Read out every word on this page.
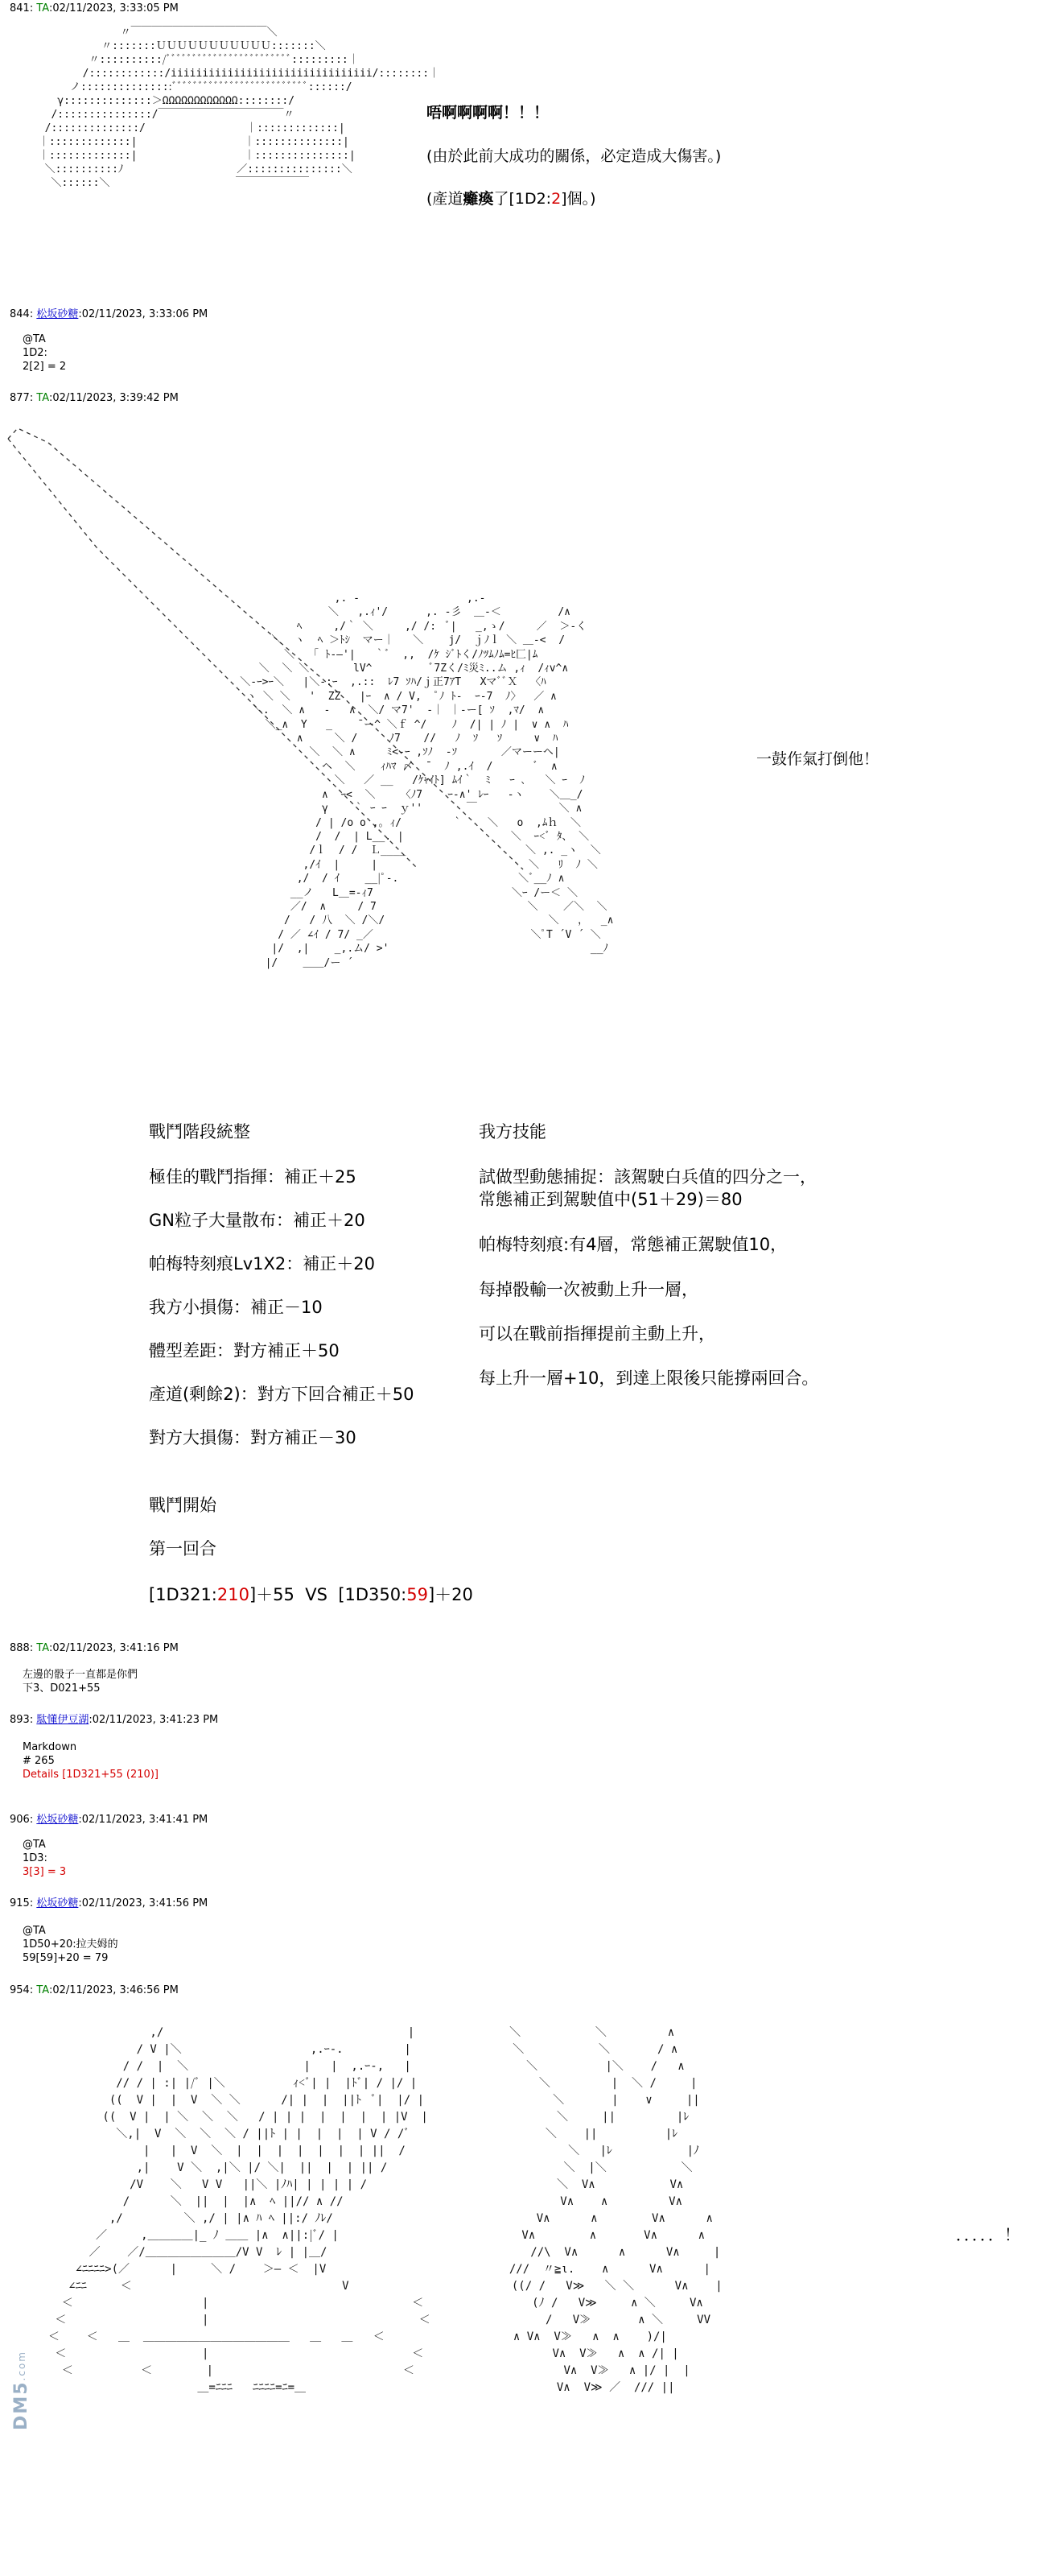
841: TA:02/11/2023, 3:33:05 PM
〃￣￣￣￣￣￣￣￣￣￣￣￣￣＼
〃:::::::ＵＵＵＵＵＵＵＵＵＵＵ:::::::＼
〃::::::::::/ﾞﾞﾞﾞﾞﾞﾞﾞﾞﾞﾞﾞﾞﾞﾞﾞﾞﾞﾞﾞﾞﾞﾞﾞ:::::::::｜
/::::::::::::/iiiiiiiiiiiiiiiiiiiiiiiiiiiiiiii/::::::::｜
ノ:::::::::::::::ﾞﾞﾞﾞﾞﾞﾞﾞﾞﾞﾞﾞﾞﾞﾞﾞﾞﾞﾞﾞﾞﾞﾞﾞﾞﾞ::::::/
γ::::::::::::::＞ΩΩΩΩΩΩΩΩΩΩΩΩ::::::::/
/:::::::::::::::/￣￣￣￣￣￣￣￣￣￣￣￣〃
/::::::::::::::/                ｜:::::::::::::|
｜:::::::::::::|                 ｜::::::::::::::|
｜:::::::::::::|                 ｜:::::::::::::::|
＼::::::::::ﾉ                  ／:::::::::::::::＼
＼::::::＼                    ￣￣￣￣￣￣￣

唔啊啊啊啊！！！
(由於此前大成功的關係，必定造成大傷害。)
(產道癱瘓了[1D2:2]個。)
844: 松坂砂糖:02/11/2023, 3:33:06 PM
@TA
1D2:
2[2] = 2
877: TA:02/11/2023, 3:39:42 PM
,. -                 ,.-
＼   ,.ｨ'/      ,. -彡  ＿-＜         /∧
ﾍ     ,/｀ ＼     ,/ /:  ﾞ|   _,ゝ/     ／  ＞-く
＼  ヽ  ﾍ ＞ﾄｼ  マー｜   ＼    j/  ｊﾉｌ ＼ ＿-<  /
＼   ｢ ﾄ-―'|   ｀ﾞ  ,,  /ｹ ｼﾞﾄく/ﾉﾂﾑﾉﾑ=ﾋ匚|ﾑ
＼  ＼ ＼       lV^         ﾞ7Zく/ﾐ災ﾐ..ム ,ｨ  /ｨv^∧
＼-ｰ>ｰ＼   |＼-:ｰ  ,.::  ﾚ7 ｿﾊ/ｊ正7ｱT   XマﾞﾞＸ  〈ﾊ
ヽ ＼ ＼   '  ZZ   |ｰ  ∧ / V,  ﾟﾉ ﾄ-  ｰ-7  ﾉ〉  ／ ∧
＼.  ＼ ∧   -   ∧  ＼/ マ7'  -｜ ｜-ー[ ｿ  ,ﾏ/  ∧
＼_∧  Y   _    ̄ ー^ ＼ｆ ^/    ﾉ  /| | ﾉ |  ∨ ∧  ﾊ
∧     ＼ /     ﾉ7 　 //   ﾉ  ｿ   ｿ     ∨  ﾊ
＼  ＼ ∧     ﾐ<-ｰ ,ｿﾉ  -ｿ       ／マーーヘ|
ヘ  ＼    ｨﾊﾏ 〆  ̄   ﾉ ,.ｲ  /       ﾞ  ∧
＼   ／ __   /ｹｬｲﾄ] ﾑｲ｀  ﾐ   ｰ ､   ＼ ｰ  ﾉ
∧  ｰ<  ＼    〈ﾉ7    ｰ-∧' ﾚｰ   -ヽ    ＼＿_/
γ    ｀ ｰ ｰ  ｙ''       ￣             ＼ ∧
/ | /o o ,｡ ｨ/        ｀    ＼   o  ,ﾑｈ  ＼
/  /  | L__. |                 ＼  ｰ<ﾞ ﾀ、 ＼
/ｌ  / /  Ｌ____                   ＼ ,. _ヽ  ＼
,/ｲ  |     |                        ＼   ﾘ  ﾉ ＼
,/  / ｲ    __|ﾟ-.                   ＼ﾞ__ﾉ ∧
__ノ   L＿=-ｨ7                      ＼ｰ /ー＜ ＼
／/  ∧     / 7                        ＼    ／＼  ＼
/   / 八  ＼ /＼/                          ＼   ，  _∧
/ ／ ∠ｲ / 7/ _／                         ＼ﾟT ´V ´ ＼
|/  ,|    _,.ム/ >'                                __ﾉ
|/    ＿＿/ー ´

一鼓作氣打倒他！
戰鬥階段統整
極佳的戰鬥指揮：補正＋25
GN粒子大量散布：補正＋20
帕梅特刻痕Lv1X2：補正＋20
我方小損傷：補正－10
體型差距：對方補正＋50
產道(剩餘2)：對方下回合補正＋50
對方大損傷：對方補正－30
我方技能
試做型動態捕捉：該駕駛白兵值的四分之一，
常態補正到駕駛值中(51＋29)＝80
帕梅特刻痕:有4層，常態補正駕駛值10，
每掉骰輸一次被動上升一層，
可以在戰前指揮提前主動上升，
每上升一層+10，到達上限後只能撐兩回合。
戰鬥開始
第一回合
[1D321:210]＋55 VS [1D350:59]＋20
888: TA:02/11/2023, 3:41:16 PM
左邊的骰子一直都是你們
下3、D021+55
893: 駄懂伊豆湖:02/11/2023, 3:41:23 PM
Markdown
# 265
Details [1D321+55 (210)]
906: 松坂砂糖:02/11/2023, 3:41:41 PM
@TA
1D3:
3[3] = 3
915: 松坂砂糖:02/11/2023, 3:41:56 PM
@TA
1D50+20:拉夫姆的
59[59]+20 = 79
954: TA:02/11/2023, 3:46:56 PM
,/                                    |              ＼           ＼         ∧
/ V |＼                   ,.ｰ-.         |               ＼           ＼       / ∧
/ /  |  ＼                 |   |  ,.ｰ-,   |                 ＼          |＼    /   ∧
// / | :| |/ﾞ |＼          ｨ<ﾞ| |  |ﾄﾞ| / |/ |                  ＼         |  ＼ /     |
((  V |  |  V  ＼ ＼      /| |  |  ||ﾄ  ﾞ|  |/ |                   ＼       |    ∨     ||
((  V |  | ＼  ＼  ＼   / | | |  |  |  |  | |V  |                   ＼     ||         |ﾚ
＼,|  V  ＼  ＼  ＼ / ||ﾄ | |  |  |  | V / /ﾞ                    ＼    ||          |ﾚ
|   |  V  ＼  |  |  |  |  |  |  | ||  /                        ＼   |ﾚ           |ﾉ
,|    V ＼  ,|＼ |/ ＼|  ||  |  | || /                          ＼  |＼           ＼
/V    ＼   V V   ||＼ |ﾉﾊ| | | | | /                            ＼  V∧           V∧
/      ＼  ||  |  |∧  ﾍ ||// ∧ //                                V∧    ∧         V∧
,/         ＼ ,/ | |∧ ﾊ ﾍ ||:/ ﾉﾚ/                              V∧      ∧        V∧      ∧
／     ,＿＿＿＿|_ ﾉ ＿＿ |∧  ∧||:|ﾞ/ |                           V∧        ∧       V∧      ∧
／    ／/＿＿＿＿＿＿＿＿/V V  ﾚ | |＿/                              //\  V∧      ∧      V∧     |
∠ﾆﾆﾆﾆ>(／      |     ＼ /    ＞― ＜  |V                           ///  〃≧ι.    ∧      V∧      |
∠ﾆﾆ     ＜                               V                        ((/ /   V≫   ＼ ＼      V∧    |
＜                   |                              ＜                (ﾉ /   V≫     ∧ ＼     V∧
＜                    |                               ＜                 /   V≫       ∧ ＼     VV
＜    ＜   ＿  ＿＿＿＿＿＿＿＿＿＿＿＿＿   ＿   ＿   ＜                   ∧ V∧  V≫   ∧  ∧    )/|
＜                    |                              ＜                   V∧  V≫   ∧  ∧ /| |
＜          ＜        |                            ＜                      V∧  V≫   ∧ |/ |  |
＿=ﾆﾆﾆ   ﾆﾆﾆﾆ=ﾆ=＿                                     V∧  V≫ ／  /// ||

．．．．．！
DM5.com
